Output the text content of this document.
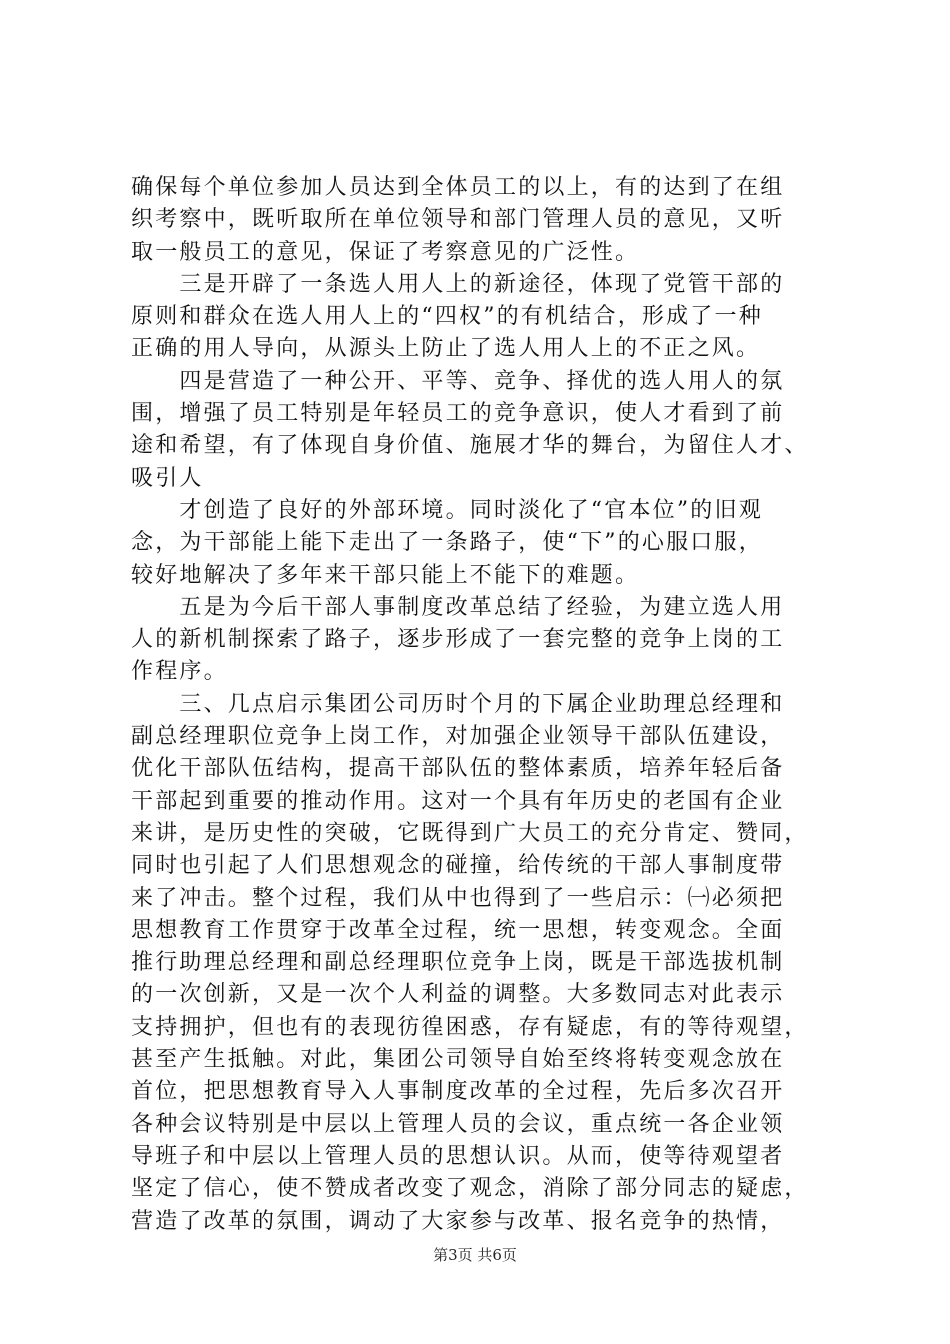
确保每个单位参加人员达到全体员工的以上，有的达到了在组
织考察中，既听取所在单位领导和部门管理人员的意见，又听
取一般员工的意见，保证了考察意见的广泛性。
　　三是开辟了一条选人用人上的新途径，体现了党管干部的
原则和群众在选人用人上的“四权”的有机结合，形成了一种
正确的用人导向，从源头上防止了选人用人上的不正之风。
　　四是营造了一种公开、平等、竞争、择优的选人用人的氛
围，增强了员工特别是年轻员工的竞争意识，使人才看到了前
途和希望，有了体现自身价值、施展才华的舞台，为留住人才、
吸引人
　　才创造了良好的外部环境。同时淡化了“官本位”的旧观
念，为干部能上能下走出了一条路子，使“下”的心服口服，
较好地解决了多年来干部只能上不能下的难题。
　　五是为今后干部人事制度改革总结了经验，为建立选人用
人的新机制探索了路子，逐步形成了一套完整的竞争上岗的工
作程序。
　　三、几点启示集团公司历时个月的下属企业助理总经理和
副总经理职位竞争上岗工作，对加强企业领导干部队伍建设，
优化干部队伍结构，提高干部队伍的整体素质，培养年轻后备
干部起到重要的推动作用。这对一个具有年历史的老国有企业
来讲，是历史性的突破，它既得到广大员工的充分肯定、赞同，
同时也引起了人们思想观念的碰撞，给传统的干部人事制度带
来了冲击。整个过程，我们从中也得到了一些启示：㈠必须把
思想教育工作贯穿于改革全过程，统一思想，转变观念。全面
推行助理总经理和副总经理职位竞争上岗，既是干部选拔机制
的一次创新，又是一次个人利益的调整。大多数同志对此表示
支持拥护，但也有的表现彷徨困惑，存有疑虑，有的等待观望，
甚至产生抵触。对此，集团公司领导自始至终将转变观念放在
首位，把思想教育导入人事制度改革的全过程，先后多次召开
各种会议特别是中层以上管理人员的会议，重点统一各企业领
导班子和中层以上管理人员的思想认识。从而，使等待观望者
坚定了信心，使不赞成者改变了观念，消除了部分同志的疑虑，
营造了改革的氛围，调动了大家参与改革、报名竞争的热情，
第3页 共6页
